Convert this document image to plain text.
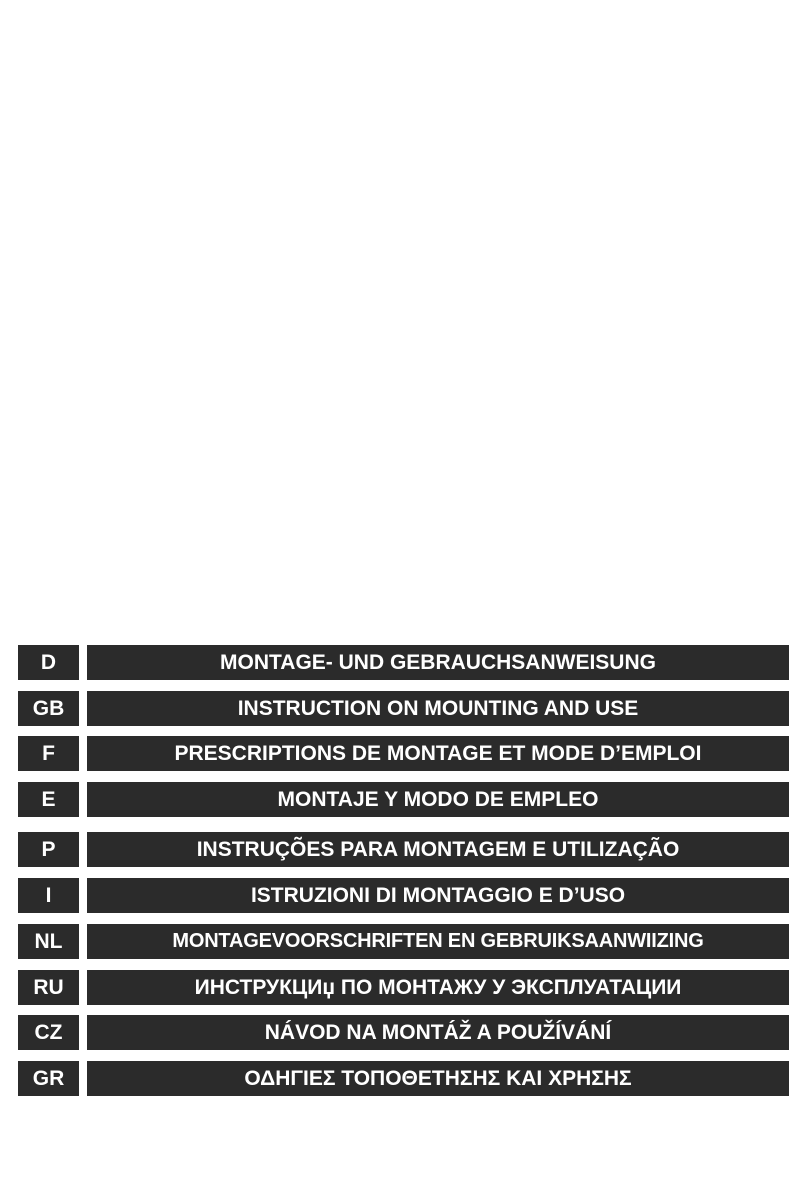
D	MONTAGE- UND GEBRAUCHSANWEISUNG
GB	INSTRUCTION ON MOUNTING AND USE
F	PRESCRIPTIONS DE MONTAGE ET MODE D’EMPLOI
E	MONTAJE Y MODO DE EMPLEO
P	INSTRUÇÕES PARA MONTAGEM E UTILIZAÇÃO
I	ISTRUZIONI DI MONTAGGIO E D’USO
NL	MONTAGEVOORSCHRIFTEN EN GEBRUIKSAANWIIZING
RU	ИНСТРУКЦИџ ПО МОНТАЖУ У ЭКСПЛУАТАЦИИ
CZ	NÁVOD NA MONTÁŽ A POUŽÍVÁNÍ
GR	ΟΔΗΓΙΕΣ ΤΟΠΟΘΕΤΗΣΗΣ ΚΑΙ ΧΡΗΣΗΣ
